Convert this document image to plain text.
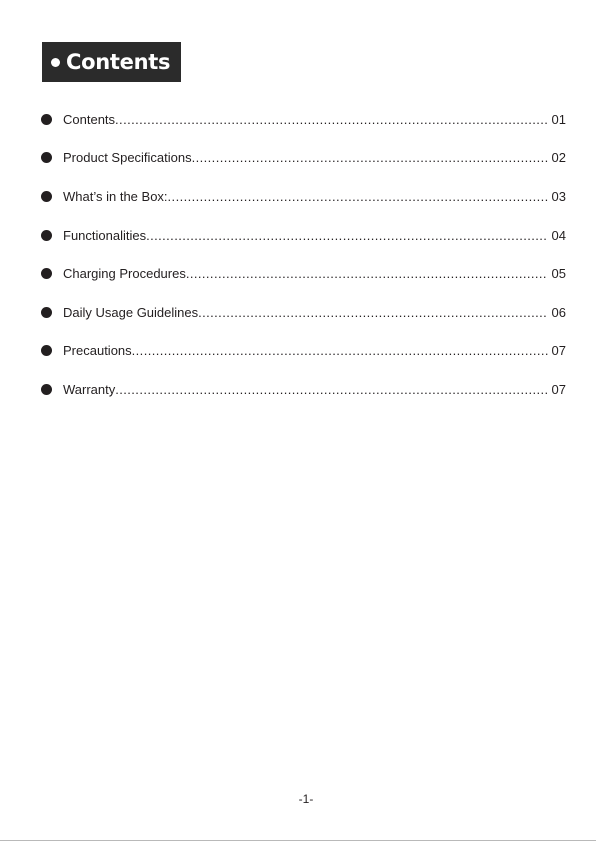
Contents
Contents .....	01
Product Specifications .....	02
What’s in the Box: .....	03
Functionalities .....	04
Charging Procedures .....	05
Daily Usage Guidelines .....	06
Precautions .....	07
Warranty .....	07
-1-
